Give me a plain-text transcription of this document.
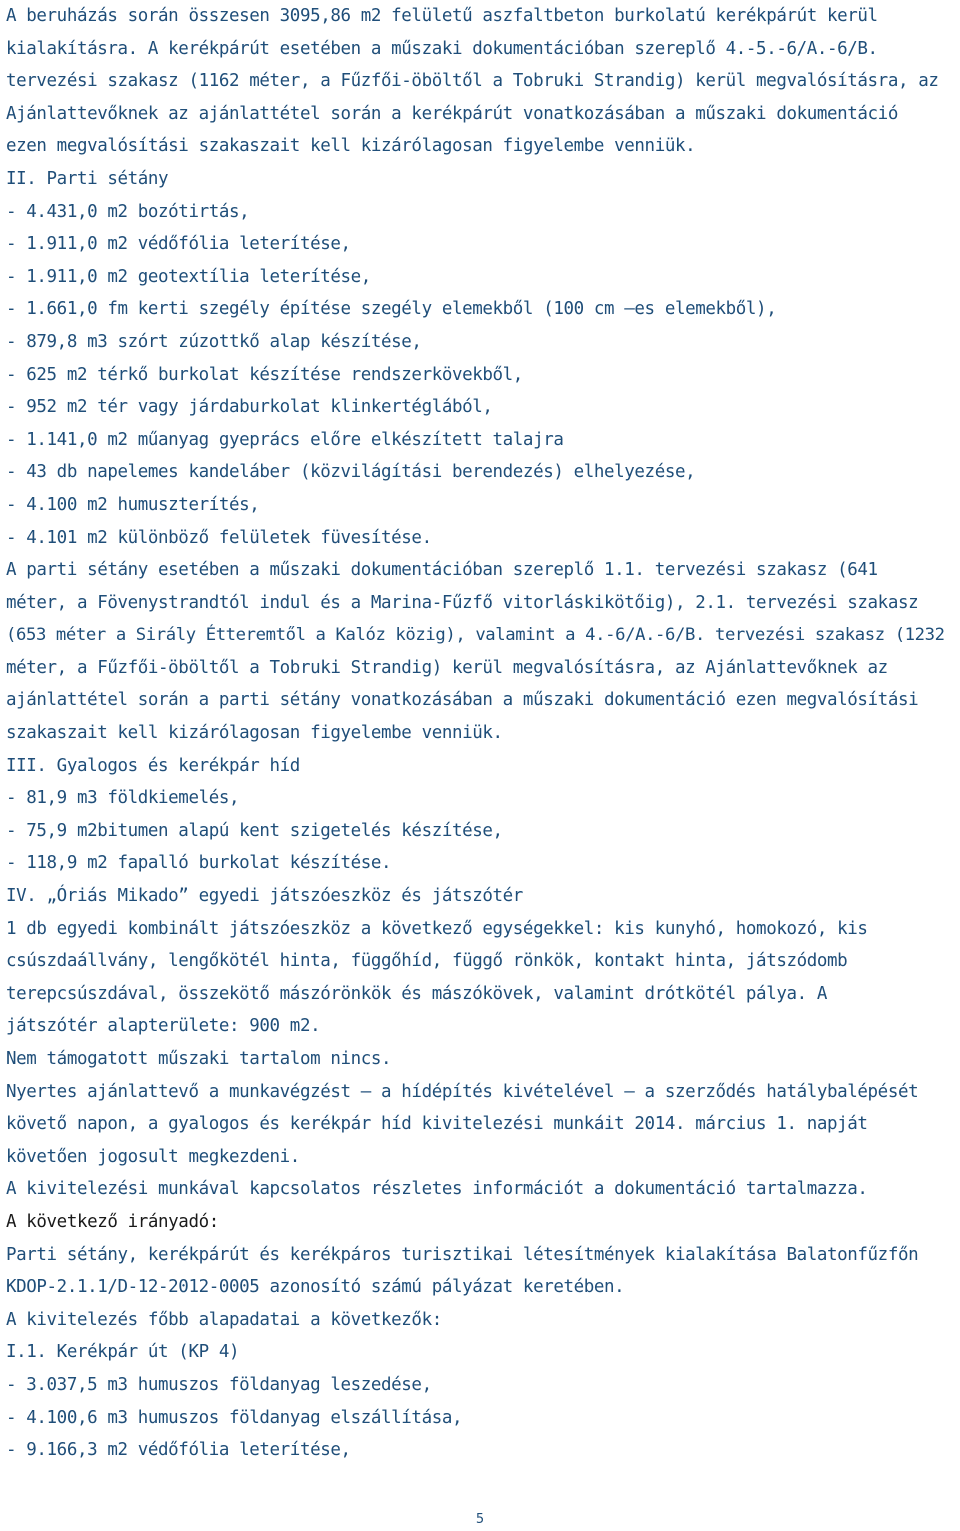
A beruházás során összesen 3095,86 m2 felületű aszfaltbeton burkolatú kerékpárút kerül
kialakításra. A kerékpárút esetében a műszaki dokumentációban szereplő 4.-5.-6/A.-6/B.
tervezési szakasz (1162 méter, a Fűzfői-öböltől a Tobruki Strandig) kerül megvalósításra, az
Ajánlattevőknek az ajánlattétel során a kerékpárút vonatkozásában a műszaki dokumentáció
ezen megvalósítási szakaszait kell kizárólagosan figyelembe venniük.
II. Parti sétány
- 4.431,0 m2 bozótirtás,
- 1.911,0 m2 védőfólia leterítése,
- 1.911,0 m2 geotextília leterítése,
- 1.661,0 fm kerti szegély építése szegély elemekből (100 cm –es elemekből),
- 879,8 m3 szórt zúzottkő alap készítése,
- 625 m2 térkő burkolat készítése rendszerkövekből,
- 952 m2 tér vagy járdaburkolat klinkertéglából,
- 1.141,0 m2 műanyag gyeprács előre elkészített talajra
- 43 db napelemes kandeláber (közvilágítási berendezés) elhelyezése,
- 4.100 m2 humuszterítés,
- 4.101 m2 különböző felületek füvesítése.
A parti sétány esetében a műszaki dokumentációban szereplő 1.1. tervezési szakasz (641
méter, a Fövenystrandtól indul és a Marina-Fűzfő vitorláskikötőig), 2.1. tervezési szakasz
(653 méter a Sirály Étteremtől a Kalóz közig), valamint a 4.-6/A.-6/B. tervezési szakasz (1232
méter, a Fűzfői-öböltől a Tobruki Strandig) kerül megvalósításra, az Ajánlattevőknek az
ajánlattétel során a parti sétány vonatkozásában a műszaki dokumentáció ezen megvalósítási
szakaszait kell kizárólagosan figyelembe venniük.
III. Gyalogos és kerékpár híd
- 81,9 m3 földkiemelés,
- 75,9 m2bitumen alapú kent szigetelés készítése,
- 118,9 m2 fapalló burkolat készítése.
IV. „Óriás Mikado” egyedi játszóeszköz és játszótér
1 db egyedi kombinált játszóeszköz a következő egységekkel: kis kunyhó, homokozó, kis
csúszdaállvány, lengőkötél hinta, függőhíd, függő rönkök, kontakt hinta, játszódomb
terepcsúszdával, összekötő mászórönkök és mászókövek, valamint drótkötél pálya. A
játszótér alapterülete: 900 m2.
Nem támogatott műszaki tartalom nincs.
Nyertes ajánlattevő a munkavégzést – a hídépítés kivételével – a szerződés hatálybalépését
követő napon, a gyalogos és kerékpár híd kivitelezési munkáit 2014. március 1. napját
követően jogosult megkezdeni.
A kivitelezési munkával kapcsolatos részletes információt a dokumentáció tartalmazza.
A következő irányadó:
Parti sétány, kerékpárút és kerékpáros turisztikai létesítmények kialakítása Balatonfűzfőn
KDOP-2.1.1/D-12-2012-0005 azonosító számú pályázat keretében.
A kivitelezés főbb alapadatai a következők:
I.1. Kerékpár út (KP 4)
- 3.037,5 m3 humuszos földanyag leszedése,
- 4.100,6 m3 humuszos földanyag elszállítása,
- 9.166,3 m2 védőfólia leterítése,
5
